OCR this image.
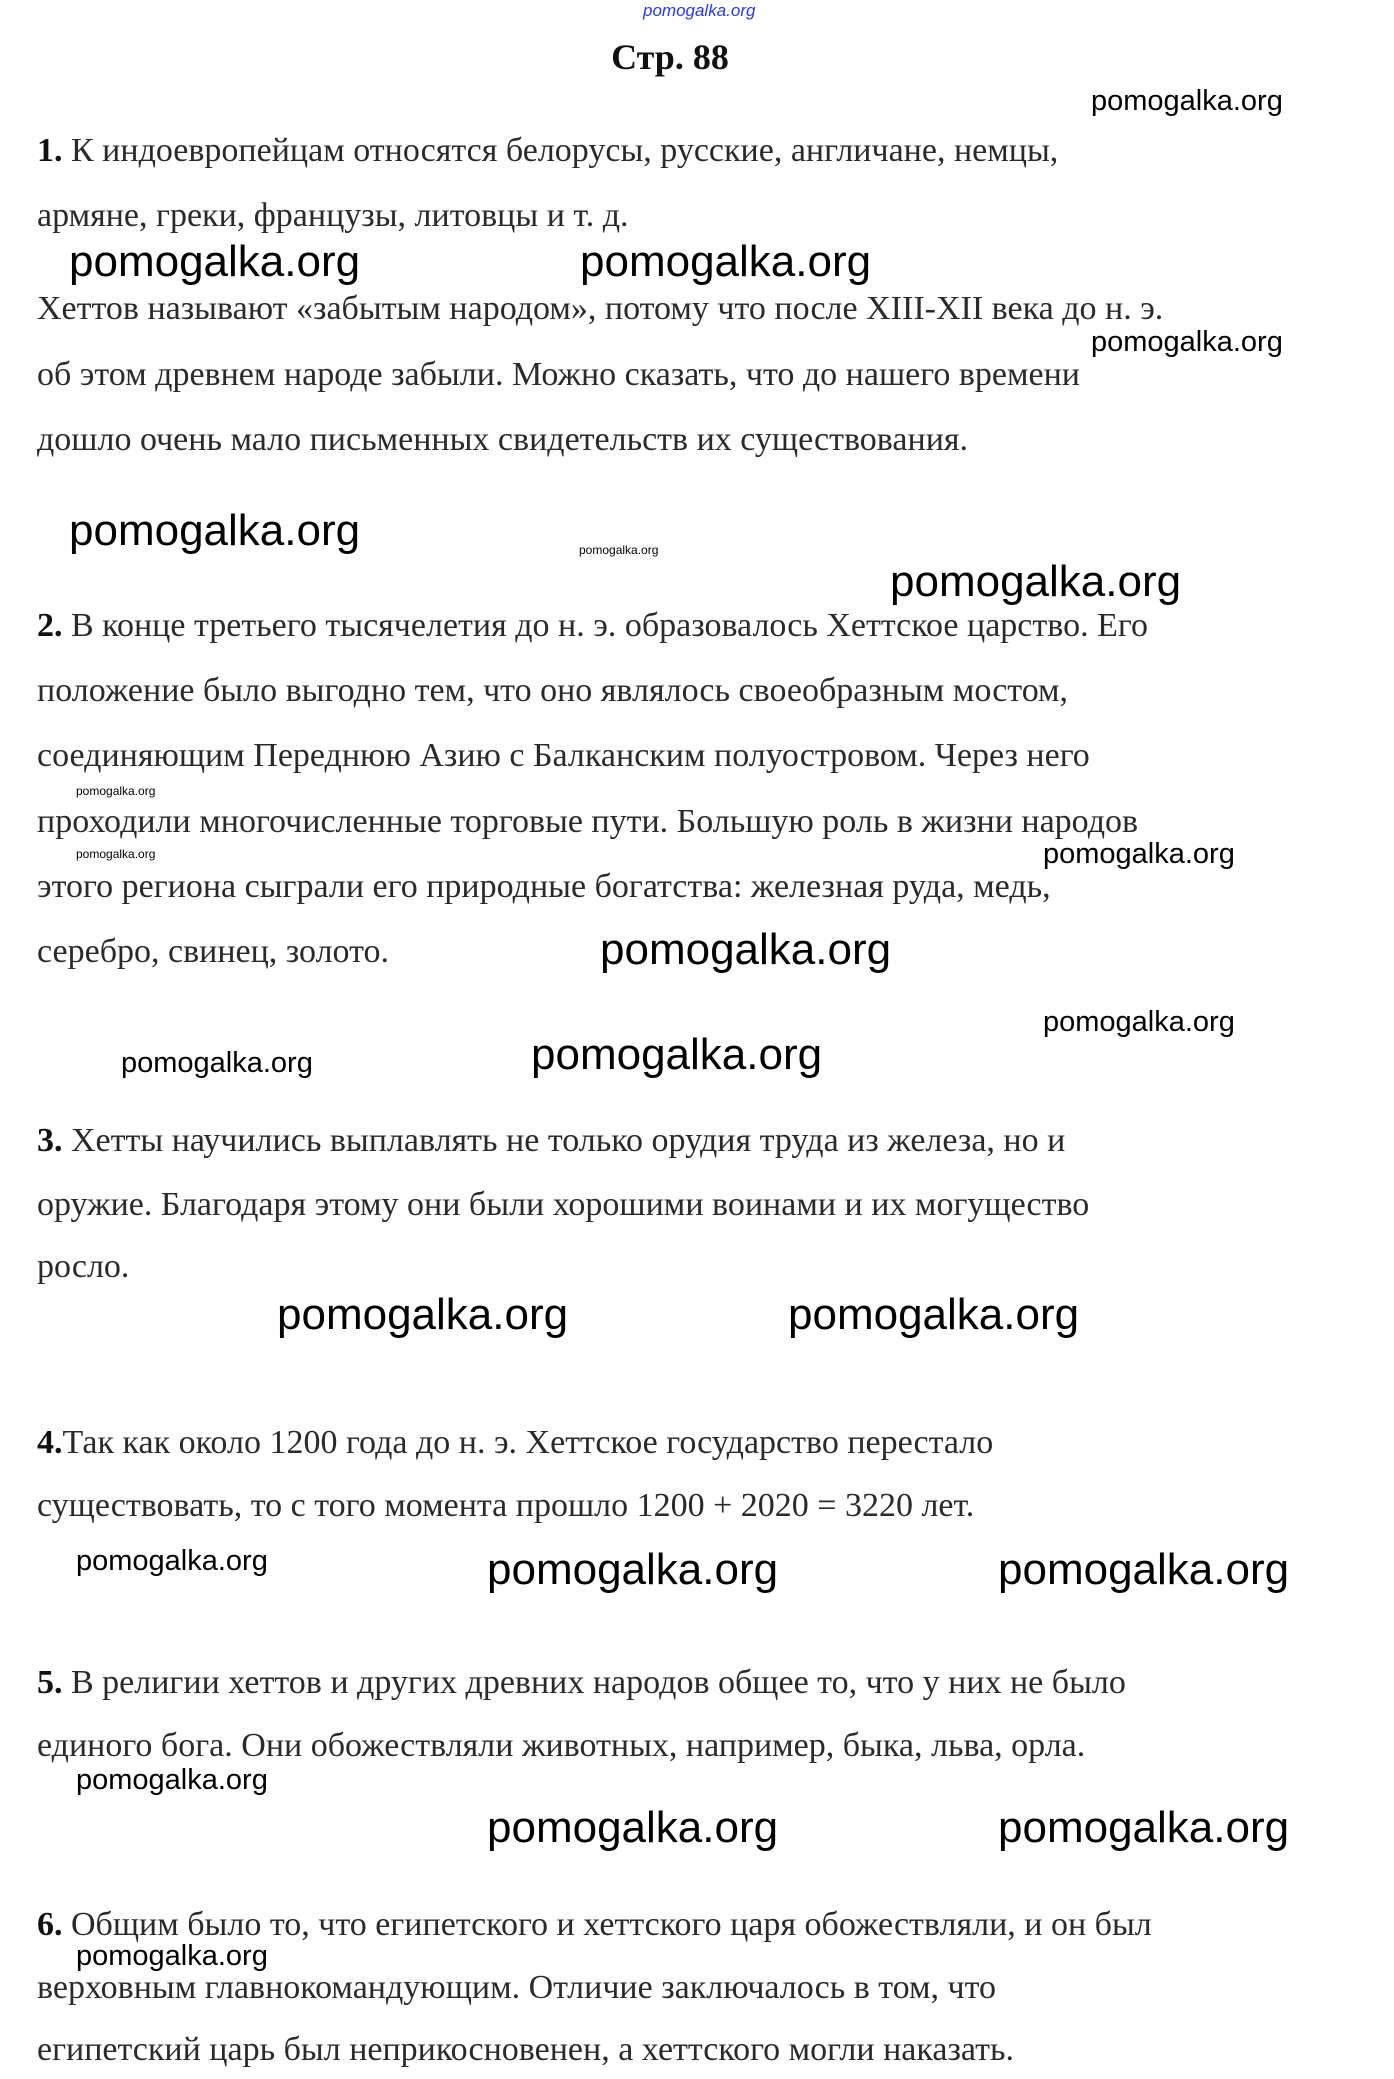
pomogalka.org
Стр. 88
1. К индоевропейцам относятся белорусы, русские, англичане, немцы,
армяне, греки, французы, литовцы и т. д.
Хеттов называют «забытым народом», потому что после XIII-XII века до н. э.
об этом древнем народе забыли. Можно сказать, что до нашего времени
дошло очень мало письменных свидетельств их существования.
2. В конце третьего тысячелетия до н. э. образовалось Хеттское царство. Его
положение было выгодно тем, что оно являлось своеобразным мостом,
соединяющим Переднюю Азию с Балканским полуостровом. Через него
проходили многочисленные торговые пути. Большую роль в жизни народов
этого региона сыграли его природные богатства: железная руда, медь,
серебро, свинец, золото.
3. Хетты научились выплавлять не только орудия труда из железа, но и
оружие. Благодаря этому они были хорошими воинами и их могущество
росло.
4.Так как около 1200 года до н. э. Хеттское государство перестало
существовать, то с того момента прошло 1200 + 2020 = 3220 лет.
5. В религии хеттов и других древних народов общее то, что у них не было
единого бога. Они обожествляли животных, например, быка, льва, орла.
6. Общим было то, что египетского и хеттского царя обожествляли, и он был
верховным главнокомандующим. Отличие заключалось в том, что
египетский царь был неприкосновенен, а хеттского могли наказать.
pomogalka.org
pomogalka.org	pomogalka.org
pomogalka.org
pomogalka.org	pomogalka.org
pomogalka.org
pomogalka.org
pomogalka.org
pomogalka.org
pomogalka.org
pomogalka.org
pomogalka.org	pomogalka.org
pomogalka.org	pomogalka.org
pomogalka.org	pomogalka.org	pomogalka.org
pomogalka.org
pomogalka.org	pomogalka.org
pomogalka.org
